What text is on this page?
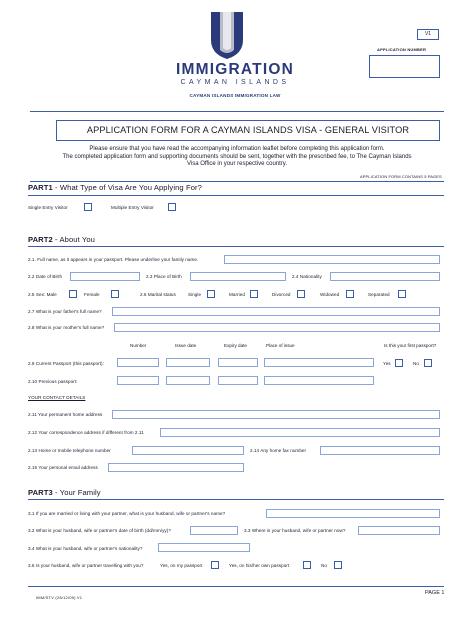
IMMIGRATION
CAYMAN ISLANDS
CAYMAN ISLANDS IMMIGRATION LAW
V1
APPLICATION NUMBER
APPLICATION FORM FOR A CAYMAN ISLANDS VISA - GENERAL VISITOR
Please ensure that you have read the accompanying information leaflet before completing this application form.
The completed application form and supporting documents should be sent, together with the prescribed fee, to The Cayman Islands
Visa Office in your respective country.
APPLICATION FORM CONTAINS 5 PAGES
PART1 - What Type of Visa Are You Applying For?
Single Entry Visitor	Multiple Entry Visitor
PART2 - About You
2.1. Full name, as it appears in your passport. Please underline your family name.
2.2 Date of Birth	2.3 Place of Birth	2.4 Nationality
2.5 Sex: Male	Female	2.6 Marital status	Single	Married	Divorced	Widowed	Separated
2.7 What is your father's full name?
2.8 What is your mother's full name?
Number	Issue date	Expiry date	Place of issue	Is this your first passport?
2.9 Current Passport (this passport):	Yes	No
2.10 Previous passport:
YOUR CONTACT DETAILS
2.11 Your permanent home address
2.12 Your correspondence address if different from 2.11
2.13 Home or mobile telephone number	2.14 Any home fax number
2.15 Your personal email address
PART3 - Your Family
3.1 If you are married or living with your partner, what is your husband, wife or partner's name?
3.2 What is your husband, wife or partner's date of birth (dd/mm/yy)?	3.3 Where is your husband, wife or partner now?
3.4 What is your husband, wife or partner's nationality?
3.5 Is your husband, wife or partner travelling with you?	Yes, on my passport	Yes, on his/her own passport	No
IMM/STV (28/12/05) V1
PAGE 1
